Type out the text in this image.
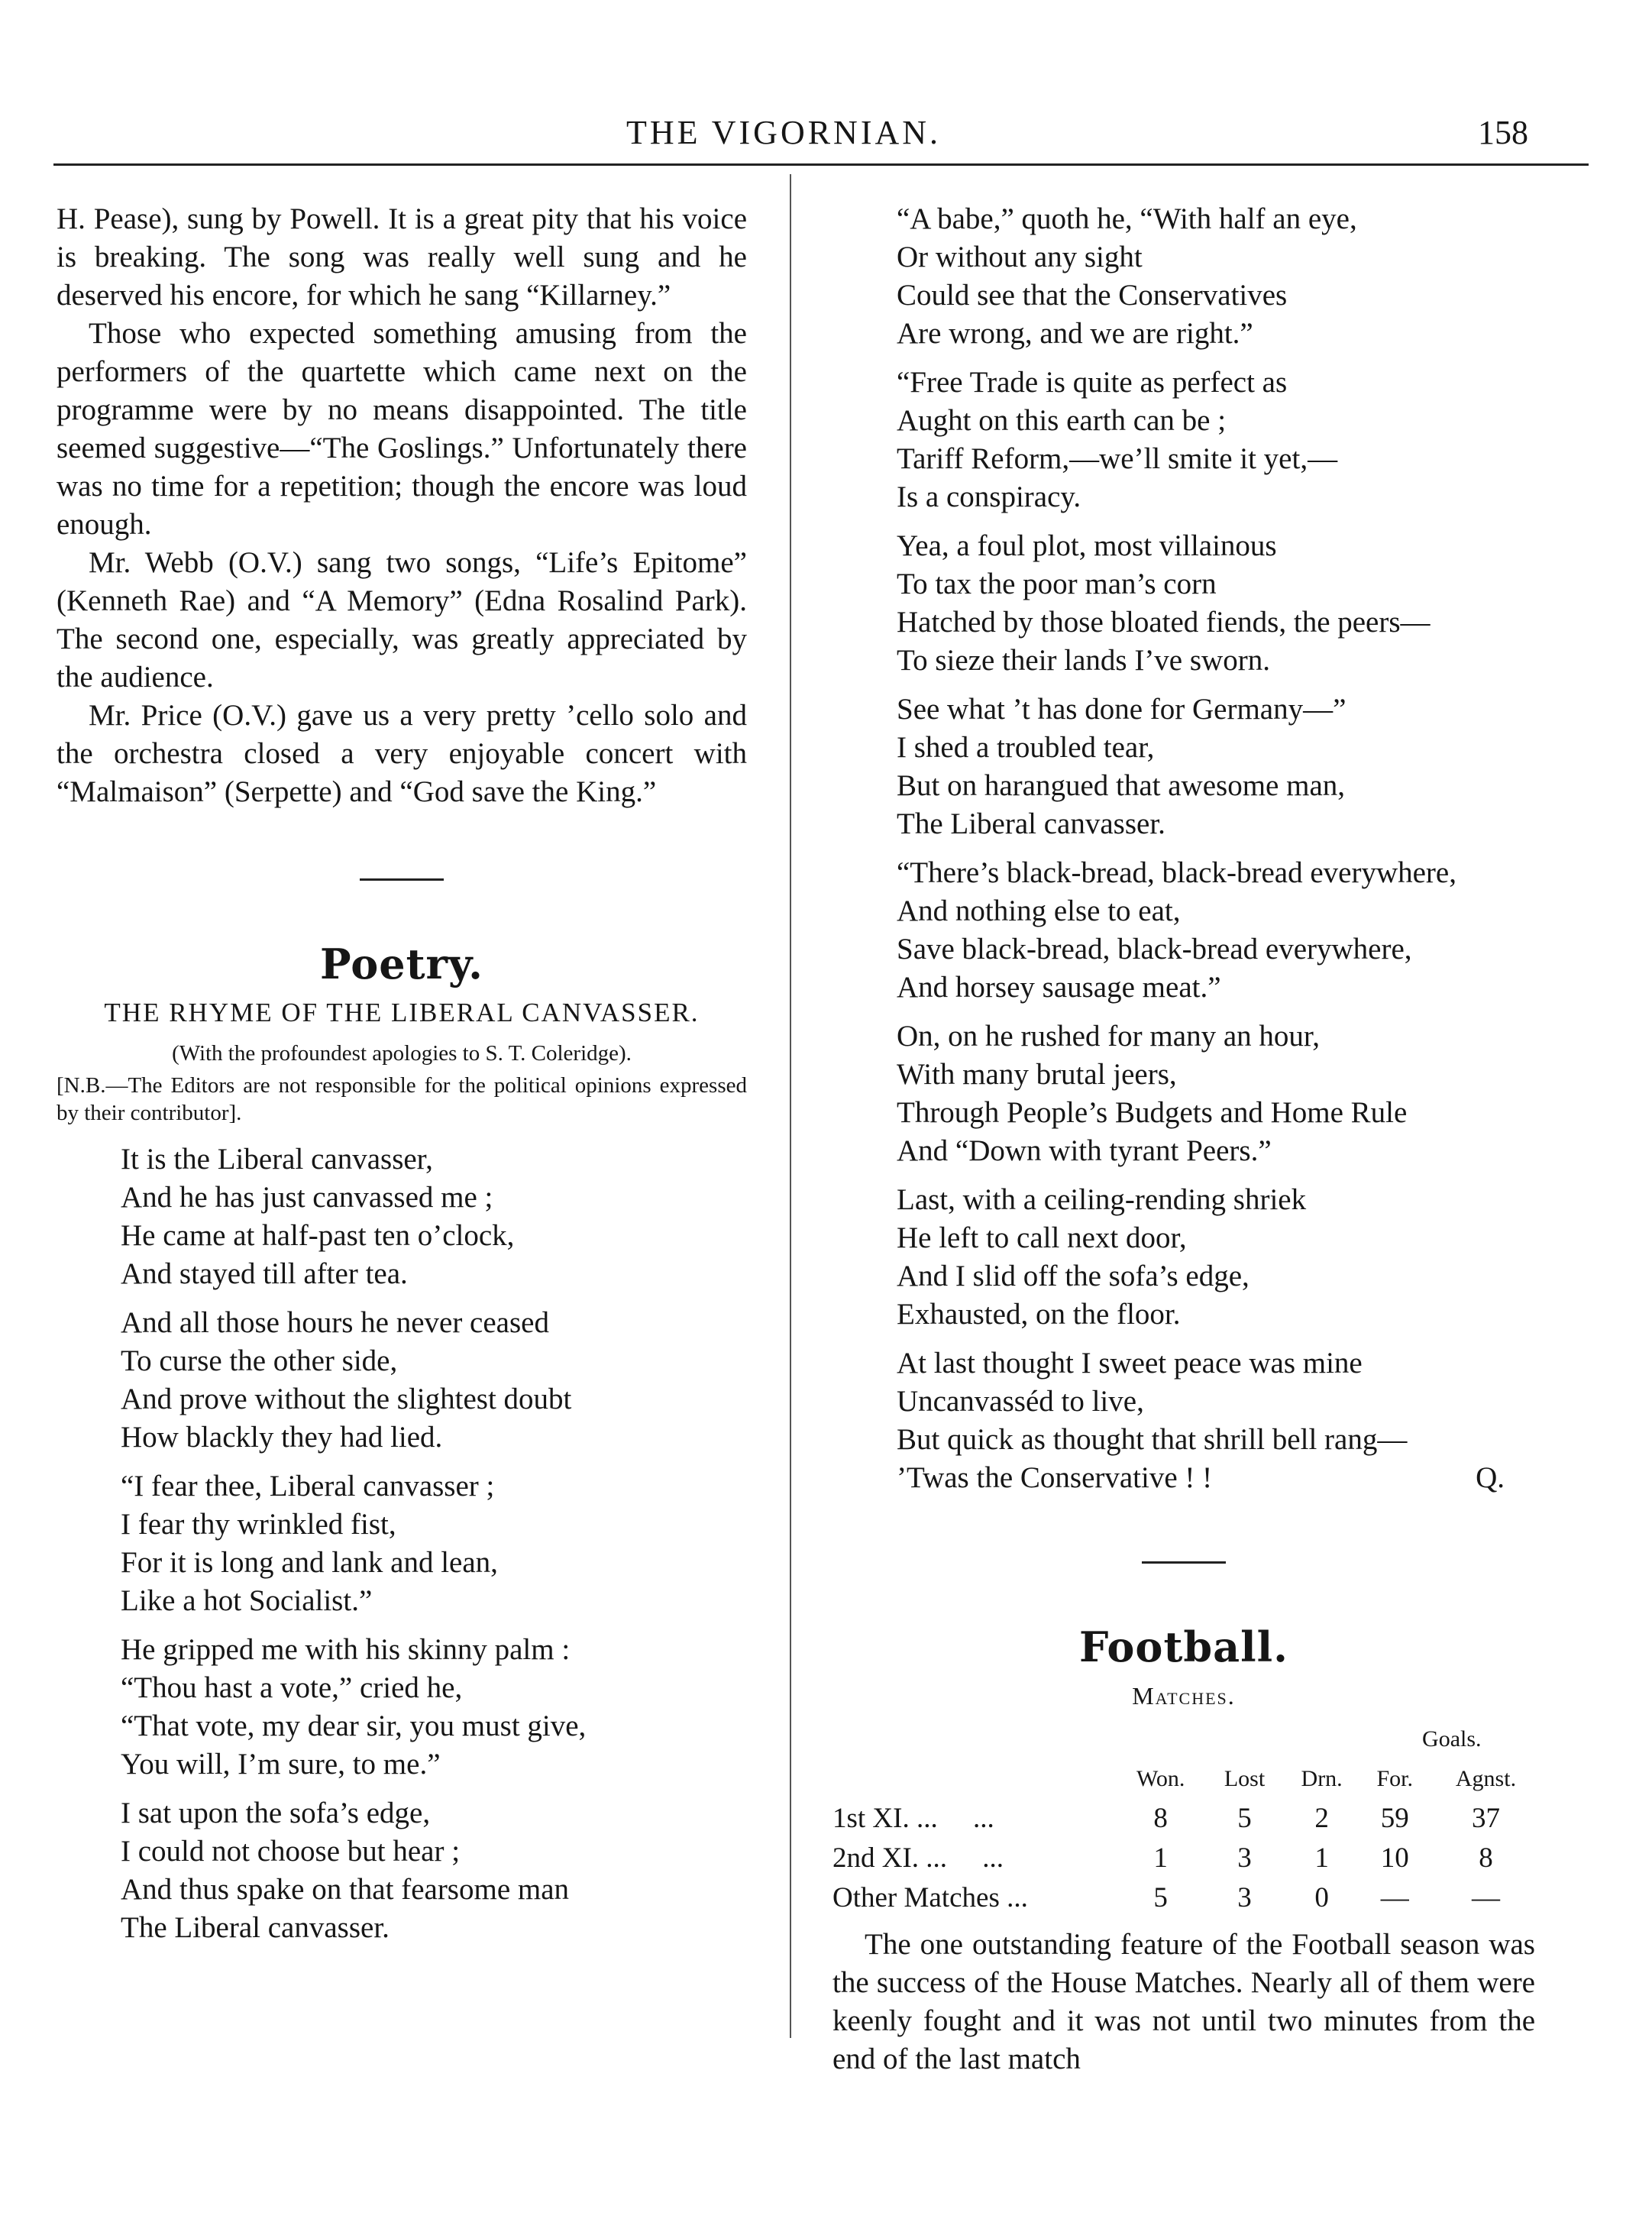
THE VIGORNIAN.	158

H. Pease), sung by Powell. It is a great pity that his voice is breaking. The song was really well sung and he deserved his encore, for which he sang “Killarney.”

Those who expected something amusing from the performers of the quartette which came next on the programme were by no means disappointed. The title seemed suggestive—“The Goslings.” Unfortunately there was no time for a repetition; though the encore was loud enough.

Mr. Webb (O.V.) sang two songs, “Life’s Epitome” (Kenneth Rae) and “A Memory” (Edna Rosalind Park). The second one, especially, was greatly appreciated by the audience.

Mr. Price (O.V.) gave us a very pretty ’cello solo and the orchestra closed a very enjoyable concert with “Malmaison” (Serpette) and “God save the King.”

Poetry.
THE RHYME OF THE LIBERAL CANVASSER.
(With the profoundest apologies to S. T. Coleridge).
[N.B.—The Editors are not responsible for the political opinions expressed by their contributor].
It is the Liberal canvasser,
And he has just canvassed me ;
He came at half-past ten o’clock,
And stayed till after tea.
And all those hours he never ceased
To curse the other side,
And prove without the slightest doubt
How blackly they had lied.
“I fear thee, Liberal canvasser ;
I fear thy wrinkled fist,
For it is long and lank and lean,
Like a hot Socialist.”
He gripped me with his skinny palm :
“Thou hast a vote,” cried he,
“That vote, my dear sir, you must give,
You will, I’m sure, to me.”
I sat upon the sofa’s edge,
I could not choose but hear ;
And thus spake on that fearsome man
The Liberal canvasser.
“A babe,” quoth he, “With half an eye,
Or without any sight
Could see that the Conservatives
Are wrong, and we are right.”
“Free Trade is quite as perfect as
Aught on this earth can be ;
Tariff Reform,—we’ll smite it yet,—
Is a conspiracy.
Yea, a foul plot, most villainous
To tax the poor man’s corn
Hatched by those bloated fiends, the peers—
To sieze their lands I’ve sworn.
See what ’t has done for Germany—”
I shed a troubled tear,
But on harangued that awesome man,
The Liberal canvasser.
“There’s black-bread, black-bread everywhere,
And nothing else to eat,
Save black-bread, black-bread everywhere,
And horsey sausage meat.”
On, on he rushed for many an hour,
With many brutal jeers,
Through People’s Budgets and Home Rule
And “Down with tyrant Peers.”
Last, with a ceiling-rending shriek
He left to call next door,
And I slid off the sofa’s edge,
Exhausted, on the floor.
At last thought I sweet peace was mine
Uncanvasséd to live,
But quick as thought that shrill bell rang—
’Twas the Conservative ! !	Q.
Football.
Matches.
				Goals.	
	Won.	Lost	Drn.	For.	Agnst.
1st XI. ...     ...	8	5	2	59	37
2nd XI. ...     ...	1	3	1	10	8
Other Matches ...	5	3	0	—	—

The one outstanding feature of the Football season was the success of the House Matches. Nearly all of them were keenly fought and it was not until two minutes from the end of the last match
